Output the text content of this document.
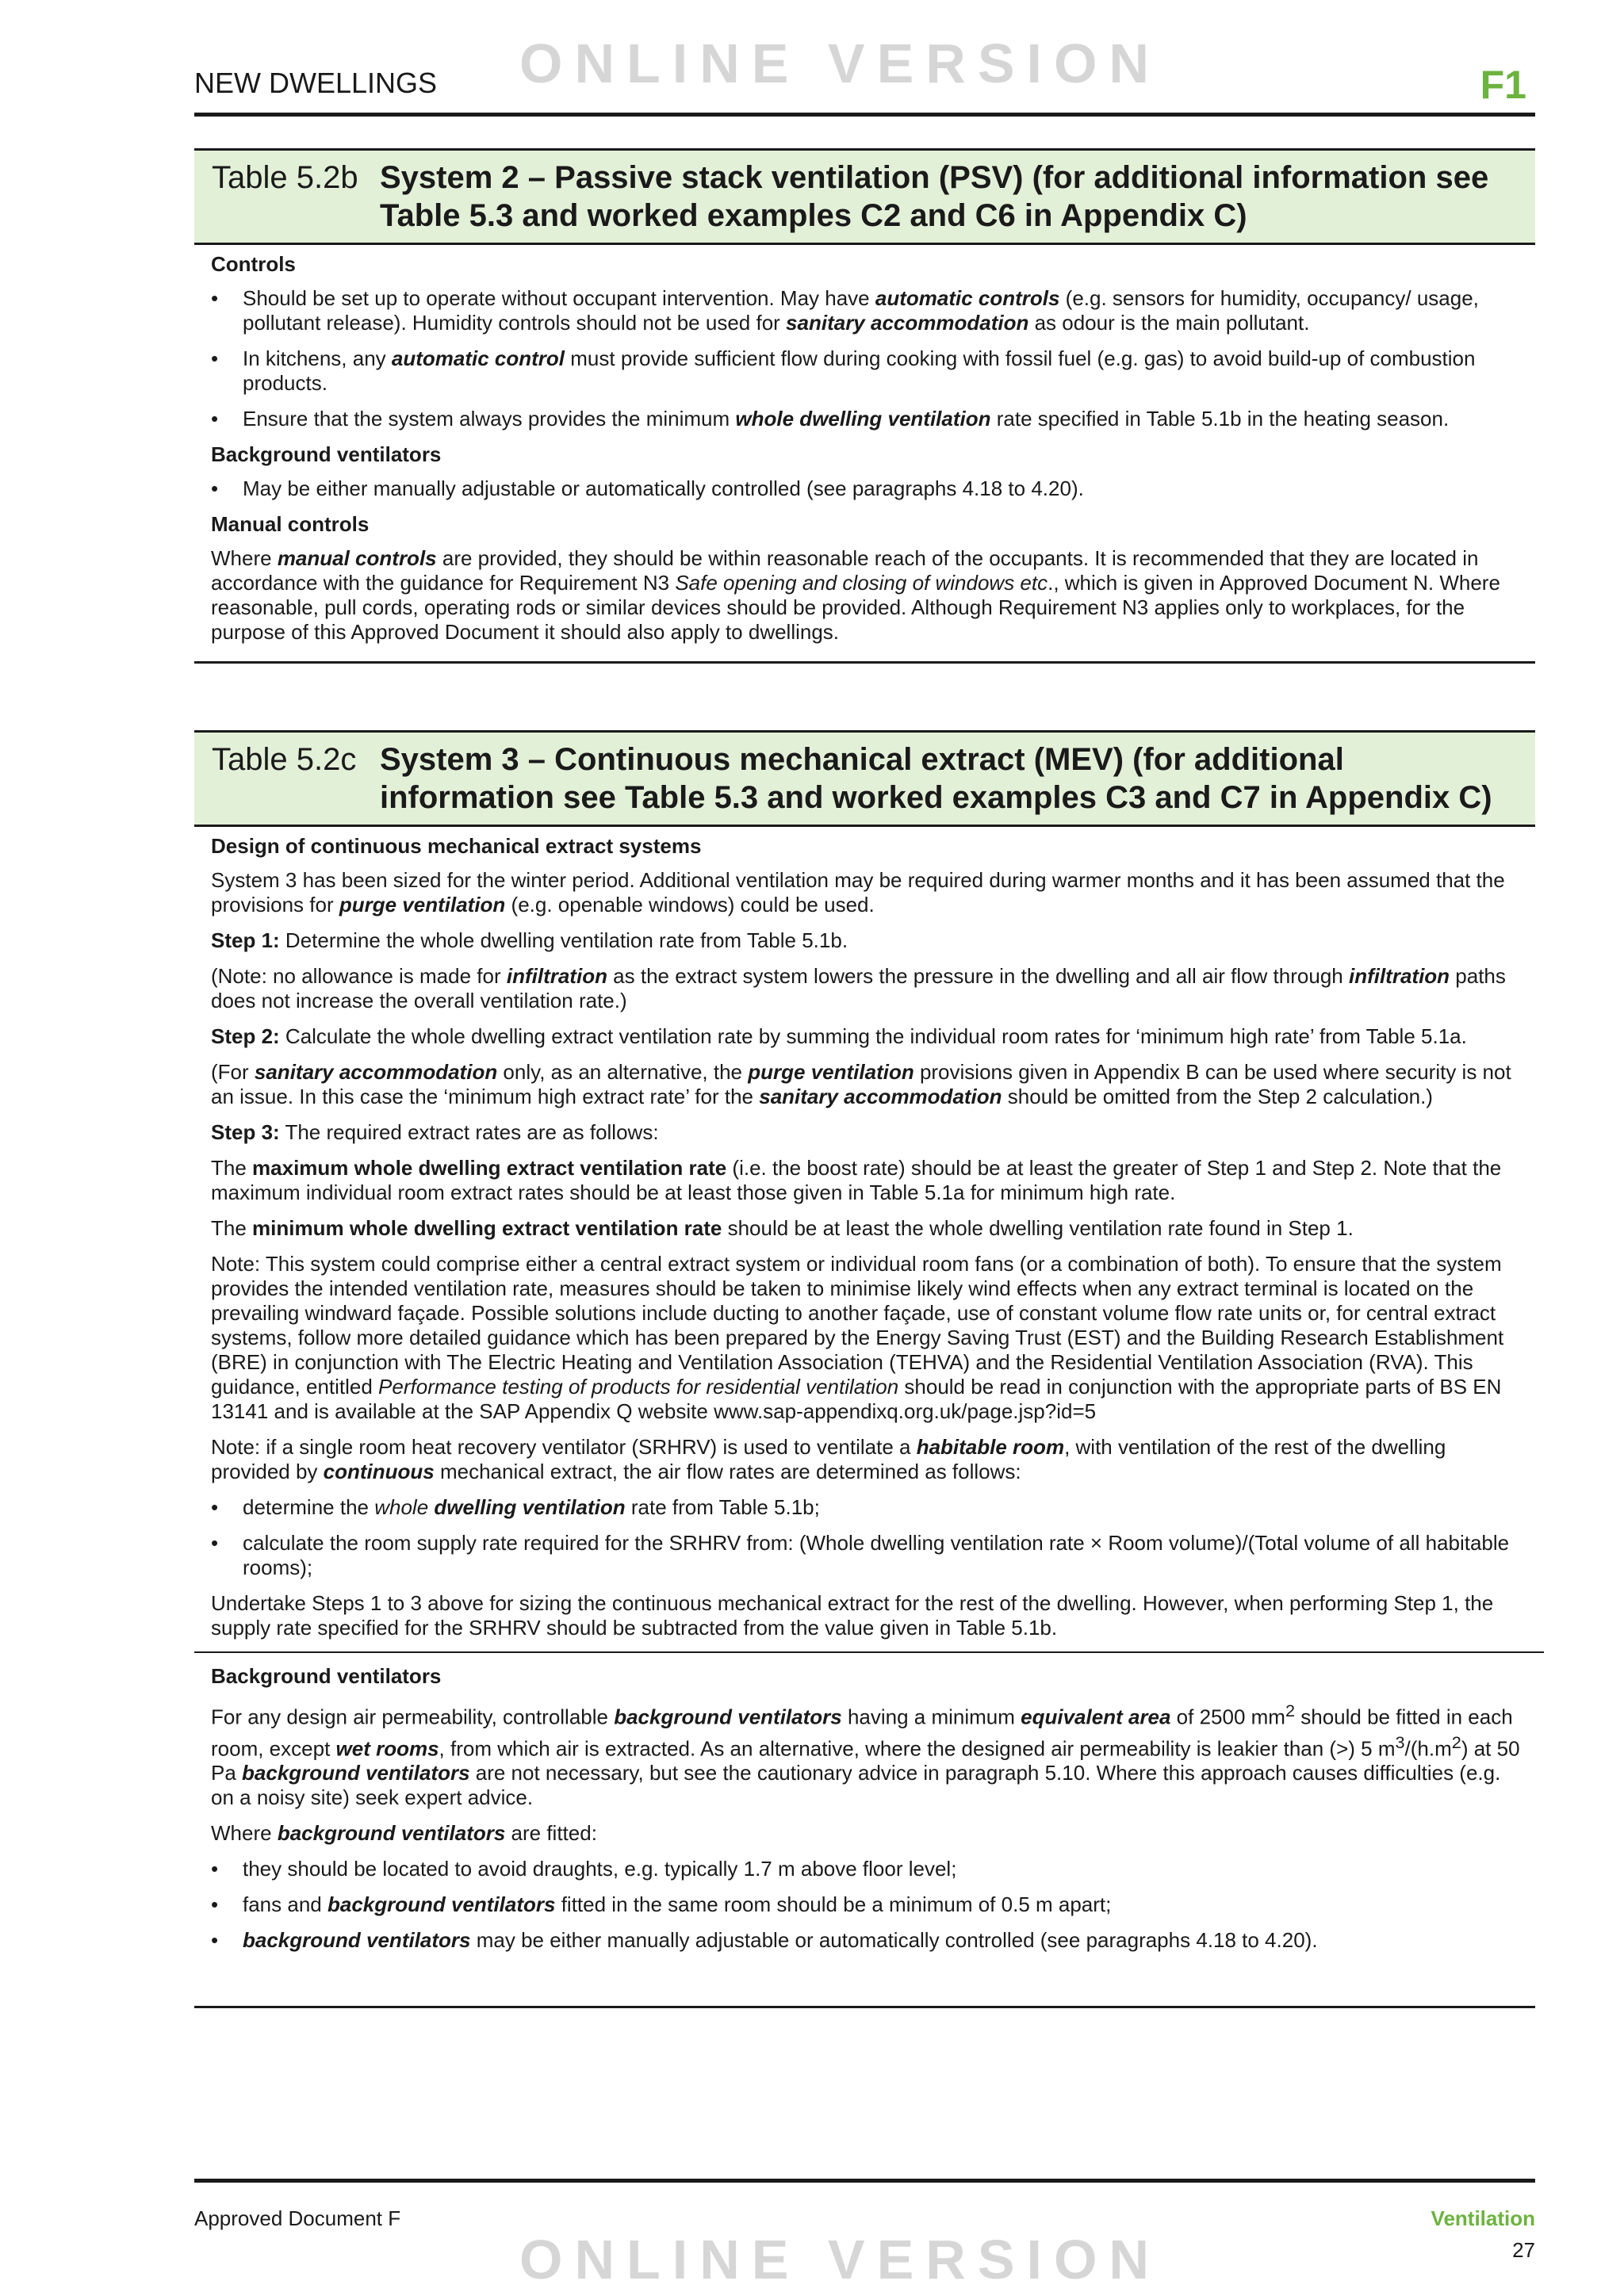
ONLINE VERSION
NEW DWELLINGS	F1
Table 5.2b System 2 – Passive stack ventilation (PSV) (for additional information see Table 5.3 and worked examples C2 and C6 in Appendix C)
Controls
• Should be set up to operate without occupant intervention. May have automatic controls (e.g. sensors for humidity, occupancy/ usage, pollutant release). Humidity controls should not be used for sanitary accommodation as odour is the main pollutant.
• In kitchens, any automatic control must provide sufficient flow during cooking with fossil fuel (e.g. gas) to avoid build-up of combustion products.
• Ensure that the system always provides the minimum whole dwelling ventilation rate specified in Table 5.1b in the heating season.
Background ventilators
• May be either manually adjustable or automatically controlled (see paragraphs 4.18 to 4.20).
Manual controls

Where manual controls are provided, they should be within reasonable reach of the occupants. It is recommended that they are located in accordance with the guidance for Requirement N3 Safe opening and closing of windows etc., which is given in Approved Document N. Where reasonable, pull cords, operating rods or similar devices should be provided. Although Requirement N3 applies only to workplaces, for the purpose of this Approved Document it should also apply to dwellings.

Table 5.2c System 3 – Continuous mechanical extract (MEV) (for additional information see Table 5.3 and worked examples C3 and C7 in Appendix C)
Design of continuous mechanical extract systems

System 3 has been sized for the winter period. Additional ventilation may be required during warmer months and it has been assumed that the provisions for purge ventilation (e.g. openable windows) could be used.

Step 1: Determine the whole dwelling ventilation rate from Table 5.1b.

(Note: no allowance is made for infiltration as the extract system lowers the pressure in the dwelling and all air flow through infiltration paths does not increase the overall ventilation rate.)

Step 2: Calculate the whole dwelling extract ventilation rate by summing the individual room rates for ‘minimum high rate’ from Table 5.1a.

(For sanitary accommodation only, as an alternative, the purge ventilation provisions given in Appendix B can be used where security is not an issue. In this case the ‘minimum high extract rate’ for the sanitary accommodation should be omitted from the Step 2 calculation.)

Step 3: The required extract rates are as follows:

The maximum whole dwelling extract ventilation rate (i.e. the boost rate) should be at least the greater of Step 1 and Step 2. Note that the maximum individual room extract rates should be at least those given in Table 5.1a for minimum high rate.

The minimum whole dwelling extract ventilation rate should be at least the whole dwelling ventilation rate found in Step 1.

Note: This system could comprise either a central extract system or individual room fans (or a combination of both). To ensure that the system provides the intended ventilation rate, measures should be taken to minimise likely wind effects when any extract terminal is located on the prevailing windward façade. Possible solutions include ducting to another façade, use of constant volume flow rate units or, for central extract systems, follow more detailed guidance which has been prepared by the Energy Saving Trust (EST) and the Building Research Establishment (BRE) in conjunction with The Electric Heating and Ventilation Association (TEHVA) and the Residential Ventilation Association (RVA). This guidance, entitled Performance testing of products for residential ventilation should be read in conjunction with the appropriate parts of BS EN 13141 and is available at the SAP Appendix Q website www.sap-appendixq.org.uk/page.jsp?id=5

Note: if a single room heat recovery ventilator (SRHRV) is used to ventilate a habitable room, with ventilation of the rest of the dwelling provided by continuous mechanical extract, the air flow rates are determined as follows:

• determine the whole dwelling ventilation rate from Table 5.1b;
• calculate the room supply rate required for the SRHRV from: (Whole dwelling ventilation rate × Room volume)/(Total volume of all habitable rooms);

Undertake Steps 1 to 3 above for sizing the continuous mechanical extract for the rest of the dwelling. However, when performing Step 1, the supply rate specified for the SRHRV should be subtracted from the value given in Table 5.1b.

Background ventilators

For any design air permeability, controllable background ventilators having a minimum equivalent area of 2500 $mm^2$ should be fitted in each room, except wet rooms, from which air is extracted. As an alternative, where the designed air permeability is leakier than (>) 5 $m^3/(h.m^2)$ at 50 Pa background ventilators are not necessary, but see the cautionary advice in paragraph 5.10. Where this approach causes difficulties (e.g. on a noisy site) seek expert advice.

Where background ventilators are fitted:

• they should be located to avoid draughts, e.g. typically 1.7 m above floor level;
• fans and background ventilators fitted in the same room should be a minimum of 0.5 m apart;
• background ventilators may be either manually adjustable or automatically controlled (see paragraphs 4.18 to 4.20).
Approved Document F	Ventilation
27
ONLINE VERSION
